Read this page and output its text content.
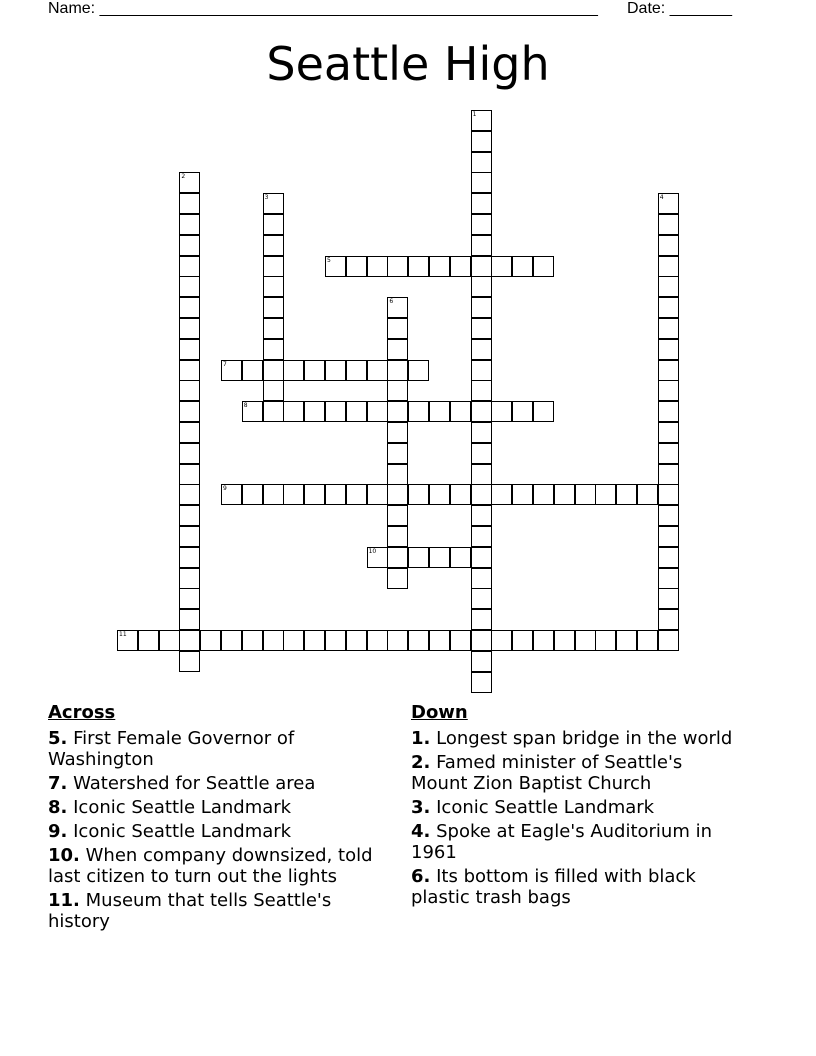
Name: ________________________________________________________ Date: _______
Seattle High
1
2
3	4
5
6
7
8
9
10
11
Across
5. First Female Governor of Washington
7. Watershed for Seattle area
8. Iconic Seattle Landmark
9. Iconic Seattle Landmark
10. When company downsized, told last citizen to turn out the lights
11. Museum that tells Seattle's history
Down
1. Longest span bridge in the world
2. Famed minister of Seattle's Mount Zion Baptist Church
3. Iconic Seattle Landmark
4. Spoke at Eagle's Auditorium in 1961
6. Its bottom is filled with black plastic trash bags
